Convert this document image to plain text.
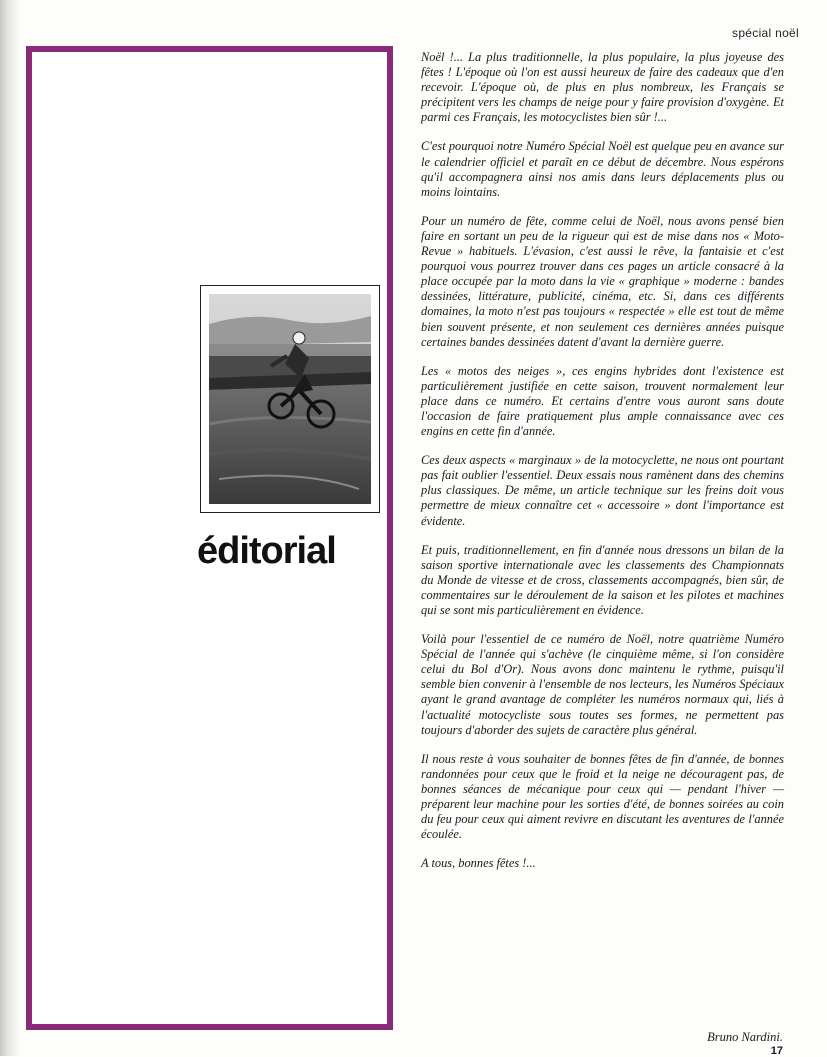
spécial noël
éditorial

Noël !... La plus traditionnelle, la plus populaire, la plus joyeuse des fêtes ! L'époque où l'on est aussi heureux de faire des cadeaux que d'en recevoir. L'époque où, de plus en plus nombreux, les Français se précipitent vers les champs de neige pour y faire provision d'oxygène. Et parmi ces Français, les motocyclistes bien sûr !...

C'est pourquoi notre Numéro Spécial Noël est quelque peu en avance sur le calendrier officiel et paraît en ce début de décembre. Nous espérons qu'il accompagnera ainsi nos amis dans leurs déplacements plus ou moins lointains.

Pour un numéro de fête, comme celui de Noël, nous avons pensé bien faire en sortant un peu de la rigueur qui est de mise dans nos « Moto-Revue » habituels. L'évasion, c'est aussi le rêve, la fantaisie et c'est pourquoi vous pourrez trouver dans ces pages un article consacré à la place occupée par la moto dans la vie « graphique » moderne : bandes dessinées, littérature, publicité, cinéma, etc. Si, dans ces différents domaines, la moto n'est pas toujours « respectée » elle est tout de même bien souvent présente, et non seulement ces dernières années puisque certaines bandes dessinées datent d'avant la dernière guerre.

Les « motos des neiges », ces engins hybrides dont l'existence est particulièrement justifiée en cette saison, trouvent normalement leur place dans ce numéro. Et certains d'entre vous auront sans doute l'occasion de faire pratiquement plus ample connaissance avec ces engins en cette fin d'année.

Ces deux aspects « marginaux » de la motocyclette, ne nous ont pourtant pas fait oublier l'essentiel. Deux essais nous ramènent dans des chemins plus classiques. De même, un article technique sur les freins doit vous permettre de mieux connaître cet « accessoire » dont l'importance est évidente.

Et puis, traditionnellement, en fin d'année nous dressons un bilan de la saison sportive internationale avec les classements des Championnats du Monde de vitesse et de cross, classements accompagnés, bien sûr, de commentaires sur le déroulement de la saison et les pilotes et machines qui se sont mis particulièrement en évidence.

Voilà pour l'essentiel de ce numéro de Noël, notre quatrième Numéro Spécial de l'année qui s'achève (le cinquième même, si l'on considère celui du Bol d'Or). Nous avons donc maintenu le rythme, puisqu'il semble bien convenir à l'ensemble de nos lecteurs, les Numéros Spéciaux ayant le grand avantage de compléter les numéros normaux qui, liés à l'actualité motocycliste sous toutes ses formes, ne permettent pas toujours d'aborder des sujets de caractère plus général.

Il nous reste à vous souhaiter de bonnes fêtes de fin d'année, de bonnes randonnées pour ceux que le froid et la neige ne découragent pas, de bonnes séances de mécanique pour ceux qui — pendant l'hiver — préparent leur machine pour les sorties d'été, de bonnes soirées au coin du feu pour ceux qui aiment revivre en discutant les aventures de l'année écoulée.

A tous, bonnes fêtes !...

Bruno Nardini.
17
